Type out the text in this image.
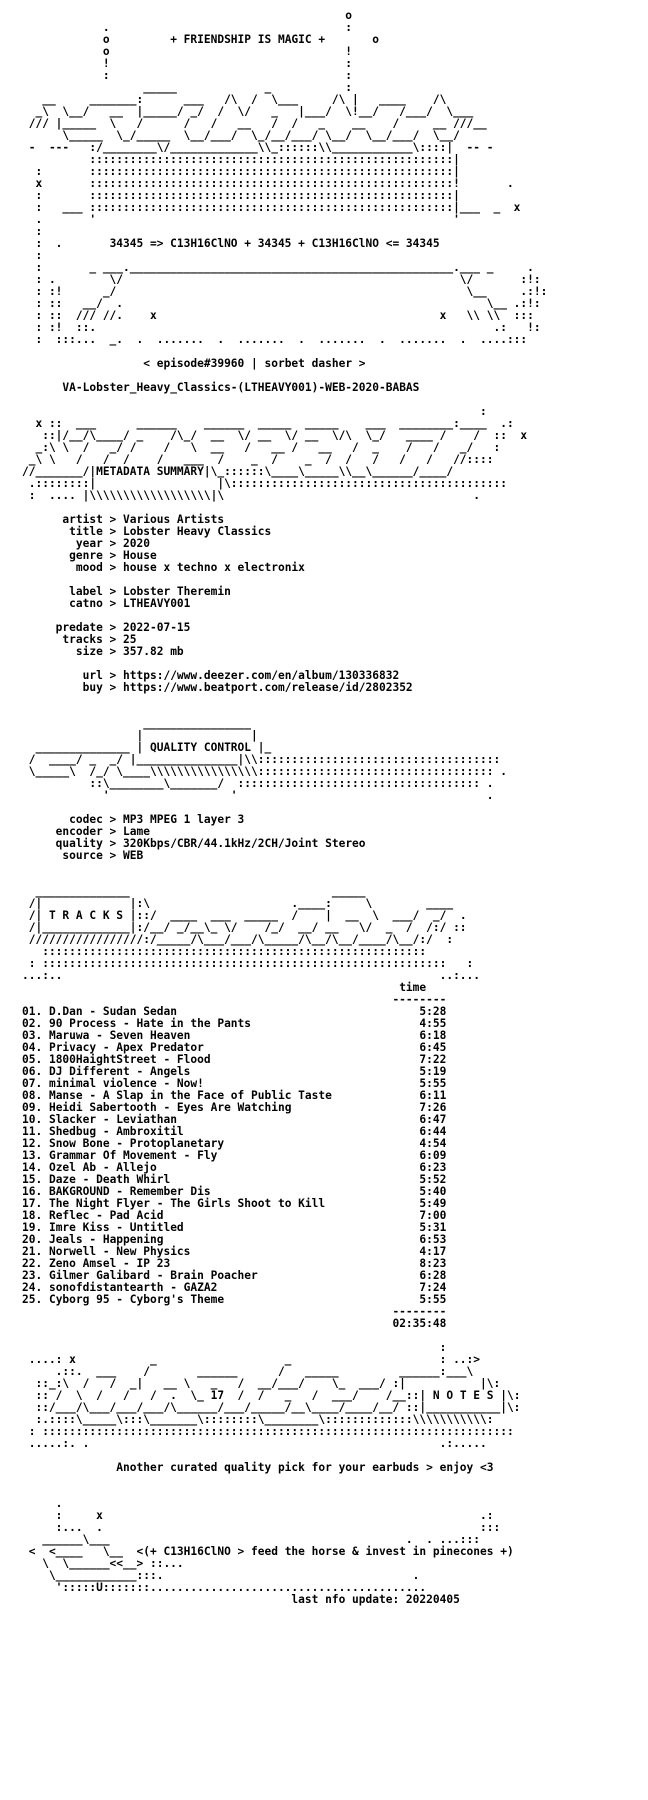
o
.                                   :
o	+ FRIENDSHIP IS MAGIC +	o
o                                   !
!                                   :
:                                   :
_____             _           :
__     _______:      ___   /\  /  \___     /\ |   ____    /\
_\  \__/   __  |_____/ _/  /  \/   _   |___/  \!__/   /___/  \___
/// |_____  \   /      /   /   __   /  /   _    __    /     __ ///__
\_____  \_/_____  \__/___/  \_/__/___/ \__/  \__/___/  \__/
-  ---   :/________\/_____________\\_::::::\\____________\::::|  -- -
::::::::::::::::::::::::::::::::::::::::::::::::::::::|
:       ::::::::::::::::::::::::::::::::::::::::::::::::::::::|
x       ::::::::::::::::::::::::::::::::::::::::::::::::::::::!       .
:       ::::::::::::::::::::::::::::::::::::::::::::::::::::::|
:   ___ ::::::::::::::::::::::::::::::::::::::::::::::::::::::|___  _  x
.       '                                                     '
:
:  .	34345 => C13H16ClNO + 34345 + C13H16ClNO <= 34345
:
:       _ ___.________________________________________________.___ _     .
: .        \/                                                  \/       :!:
: :!      _/                                                    \__     .:!:
: ::   __/  .                                                      \__ .:!:
: ::  /// //.    x                                          x   \\ \\  :::
: :!  ::.                                                           .:   !:
:  :::...  _.  .  .......  .  .......  .  .......  .  .......  .  ....:::

< episode#39960 | sorbet dasher >

VA-Lobster_Heavy_Classics-(LTHEAVY001)-WEB-2020-BABAS

:
x ::  ___      ______    ______  _____  _____    ___  ________:____  .:
::|/__/\____/ _    /\_/  __  \/ __  \/ __  \/\  \_/   ____ /    /  ::  x
_:\ \  /   _/ /    /   \  __   /   __ /   __   /  _    /   /   _/   :
_\ \   /   /  /    /   ___  /    _  /    _  /  /   /   /   /   //::::
//_______/|METADATA SUMMARY|\_::::::\____\_____\\__\______/____/
.::::::::|                  |\:::::::::::::::::::::::::::::::::::::::::
:  .... |\\\\\\\\\\\\\\\\\\|\                                     .

artist > Various Artists
title > Lobster Heavy Classics
year > 2020
genre > House
mood > house x techno x electronix

label > Lobster Theremin
catno > LTHEAVY001

predate > 2022-07-15
tracks > 25
size > 357.82 mb

url > https://www.deezer.com/en/album/130336832
buy > https://www.beatport.com/release/id/2802352

________________
|                |
______________ | QUALITY CONTROL |_
/  ____/ _  _/ |_______________|\\::::::::::::::::::::::::::::::::::::
\_____\  /_/ \____\\\\\\\\\\\\\\\\::::::::::::::::::::::::::::::::::: .
::\________\_______/  :::::::::::::::::::::::::::::::::::: .
'                  '                                     .

codec > MP3 MPEG 1 layer 3
encoder > Lame
quality > 320Kbps/CBR/44.1kHz/2CH/Joint Stereo
source > WEB

______________                              _____
/|             |:\                     .____:     \        ____
/| T R A C K S |::/  ____  ___  _____  /    |  __  \  ___/  _/  .
/|_____________|:/__/ _/__\_ \/    /_/  __/ __   \/  _  /  /:/ ::
/////////////////:/_____/\___/___/\_____/\__/\__/____/\__/:/  :
:::::::::::::::::::::::::::::::::::::::::::::::::::::::::
: ::::::::::::::::::::::::::::::::::::::::::::::::::::::::::::   :
...:..                                                        ..:...
time
--------
01. D.Dan - Sudan Sedan	5:28
02. 90 Process - Hate in the Pants	4:55
03. Maruwa - Seven Heaven	6:18
04. Privacy - Apex Predator	6:45
05. 1800HaightStreet - Flood	7:22
06. DJ Different - Angels	5:19
07. minimal violence - Now!	5:55
08. Manse - A Slap in the Face of Public Taste	6:11
09. Heidi Sabertooth - Eyes Are Watching	7:26
10. Slacker - Leviathan	6:47
11. Shedbug - Ambroxitil	6:44
12. Snow Bone - Protoplanetary	4:54
13. Grammar Of Movement - Fly	6:09
14. Ozel Ab - Allejo	6:23
15. Daze - Death Whirl	5:52
16. BAKGROUND - Remember Dis	5:40
17. The Night Flyer - The Girls Shoot to Kill	5:49
18. Reflec - Pad Acid	7:00
19. Imre Kiss - Untitled	5:31
20. Jeals - Happening	6:53
21. Norwell - New Physics	4:17
22. Zeno Amsel - IP 23	8:23
23. Gilmer Galibard - Brain Poacher	6:28
24. sonofdistantearth - GAZA2	7:24
25. Cyborg 95 - Cyborg's Theme	5:55
--------
02:35:48

:
....: x           _                   _                      : ..:>
.::.  ___    /       ______      /   _____         ______:___\
::_:\  /   /  _|   __ \   _   /  __/___/    \_  ___/ :|           |\:
:: /  \  /   /   /  .  \_ 17  /  /   _   /  ___/    /__::| N O T E S |\:
::/___/\___/___/___/\______/___/_____/__\____/____/__/ ::|___________|\:
:.::::\_____\:::\_______\::::::::\________\:::::::::::::\\\\\\\\\\\:
: ::::::::::::::::::::::::::::::::::::::::::::::::::::::::::::::::::::::
.....:. .                                                    .:.....

Another curated quality pick for your earbuds > enjoy <3

.
:     x                                                        .:
:...  .                                                        :::
______\___                                            .  . ...:::
<  <____   \__  <(+ C13H16ClNO > feed the horse & invest in pinecones +)
\  \______<<__> ::...
\____________:::.                                     .
':::::U:::::::.........................................
last nfo update: 20220405
